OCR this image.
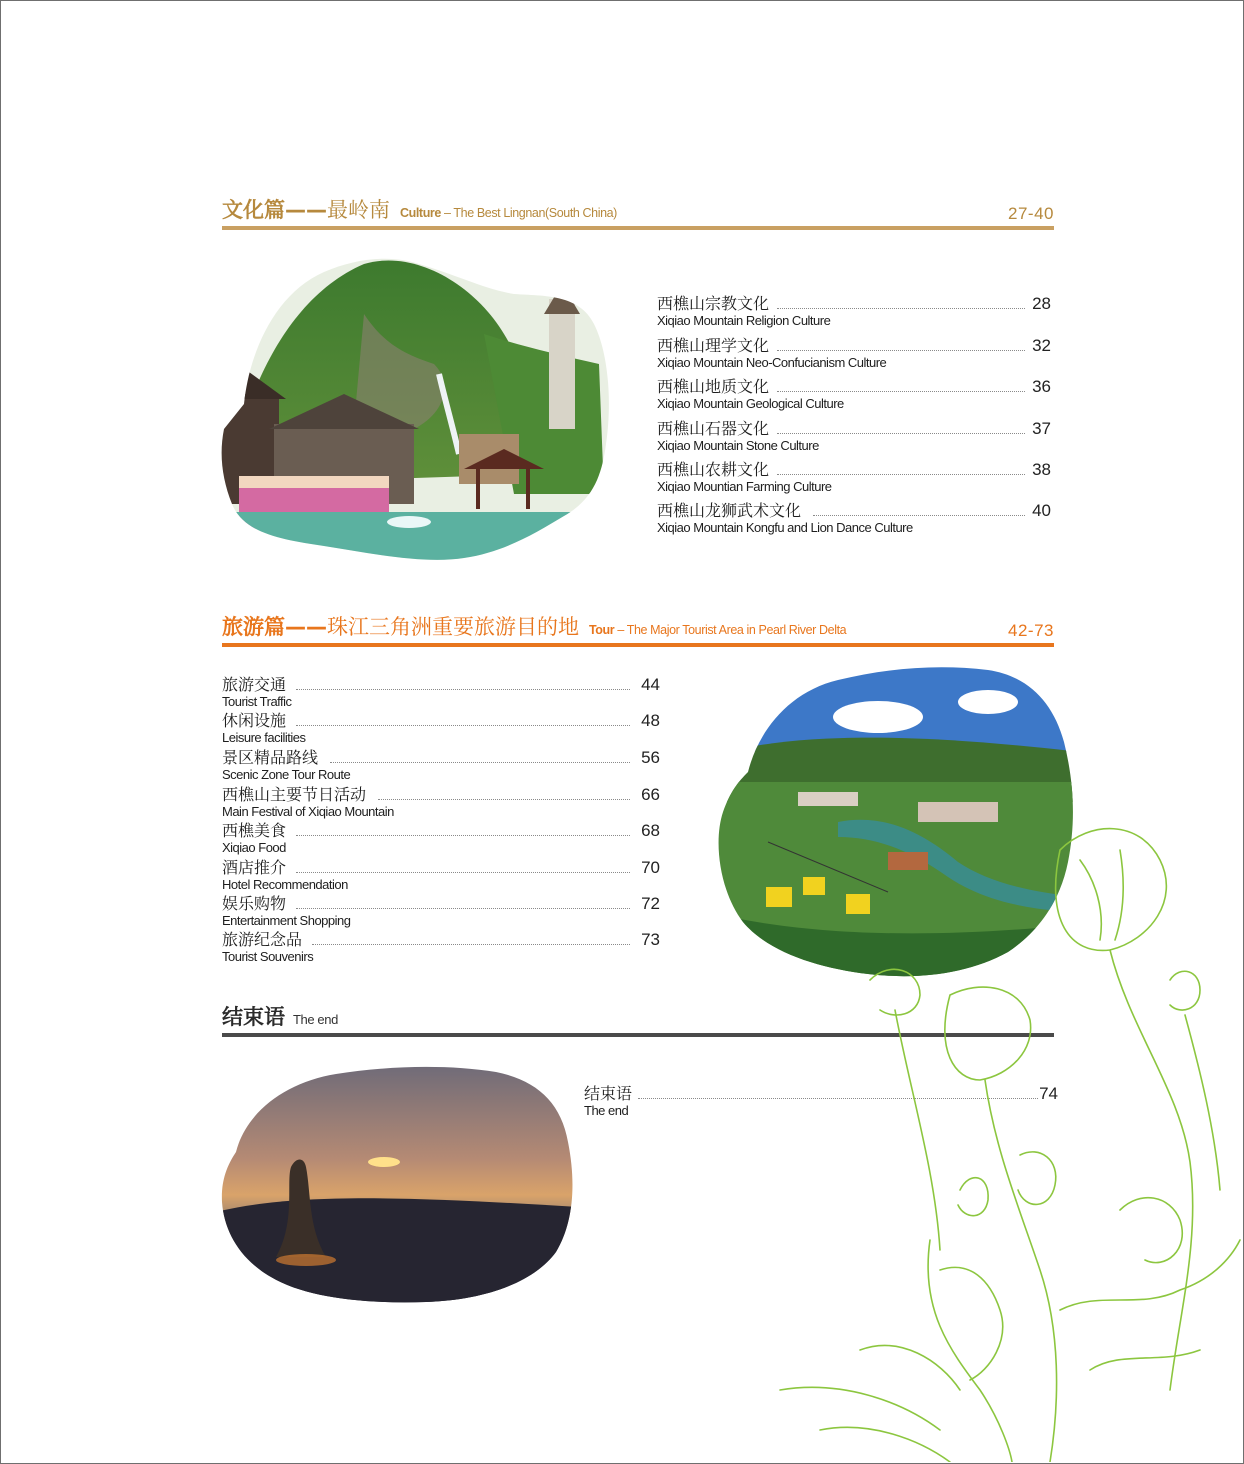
文化篇——最岭南 Culture – The Best Lingnan(South China)	27-40
西樵山宗教文化	28
Xiqiao Mountain Religion Culture
西樵山理学文化	32
Xiqiao Mountain Neo-Confucianism Culture
西樵山地质文化	36
Xiqiao Mountain Geological Culture
西樵山石器文化	37
Xiqiao Mountain Stone Culture
西樵山农耕文化	38
Xiqiao Mountian Farming Culture
西樵山龙狮武术文化	40
Xiqiao Mountain Kongfu and Lion Dance Culture
旅游篇——珠江三角洲重要旅游目的地 Tour – The Major Tourist Area in Pearl River Delta	42-73
旅游交通	44
Tourist Traffic
休闲设施	48
Leisure facilities
景区精品路线	56
Scenic Zone Tour Route
西樵山主要节日活动	66
Main Festival of Xiqiao Mountain
西樵美食	68
Xiqiao Food
酒店推介	70
Hotel Recommendation
娱乐购物	72
Entertainment Shopping
旅游纪念品	73
Tourist Souvenirs
结束语 The end
结束语	74
The end
